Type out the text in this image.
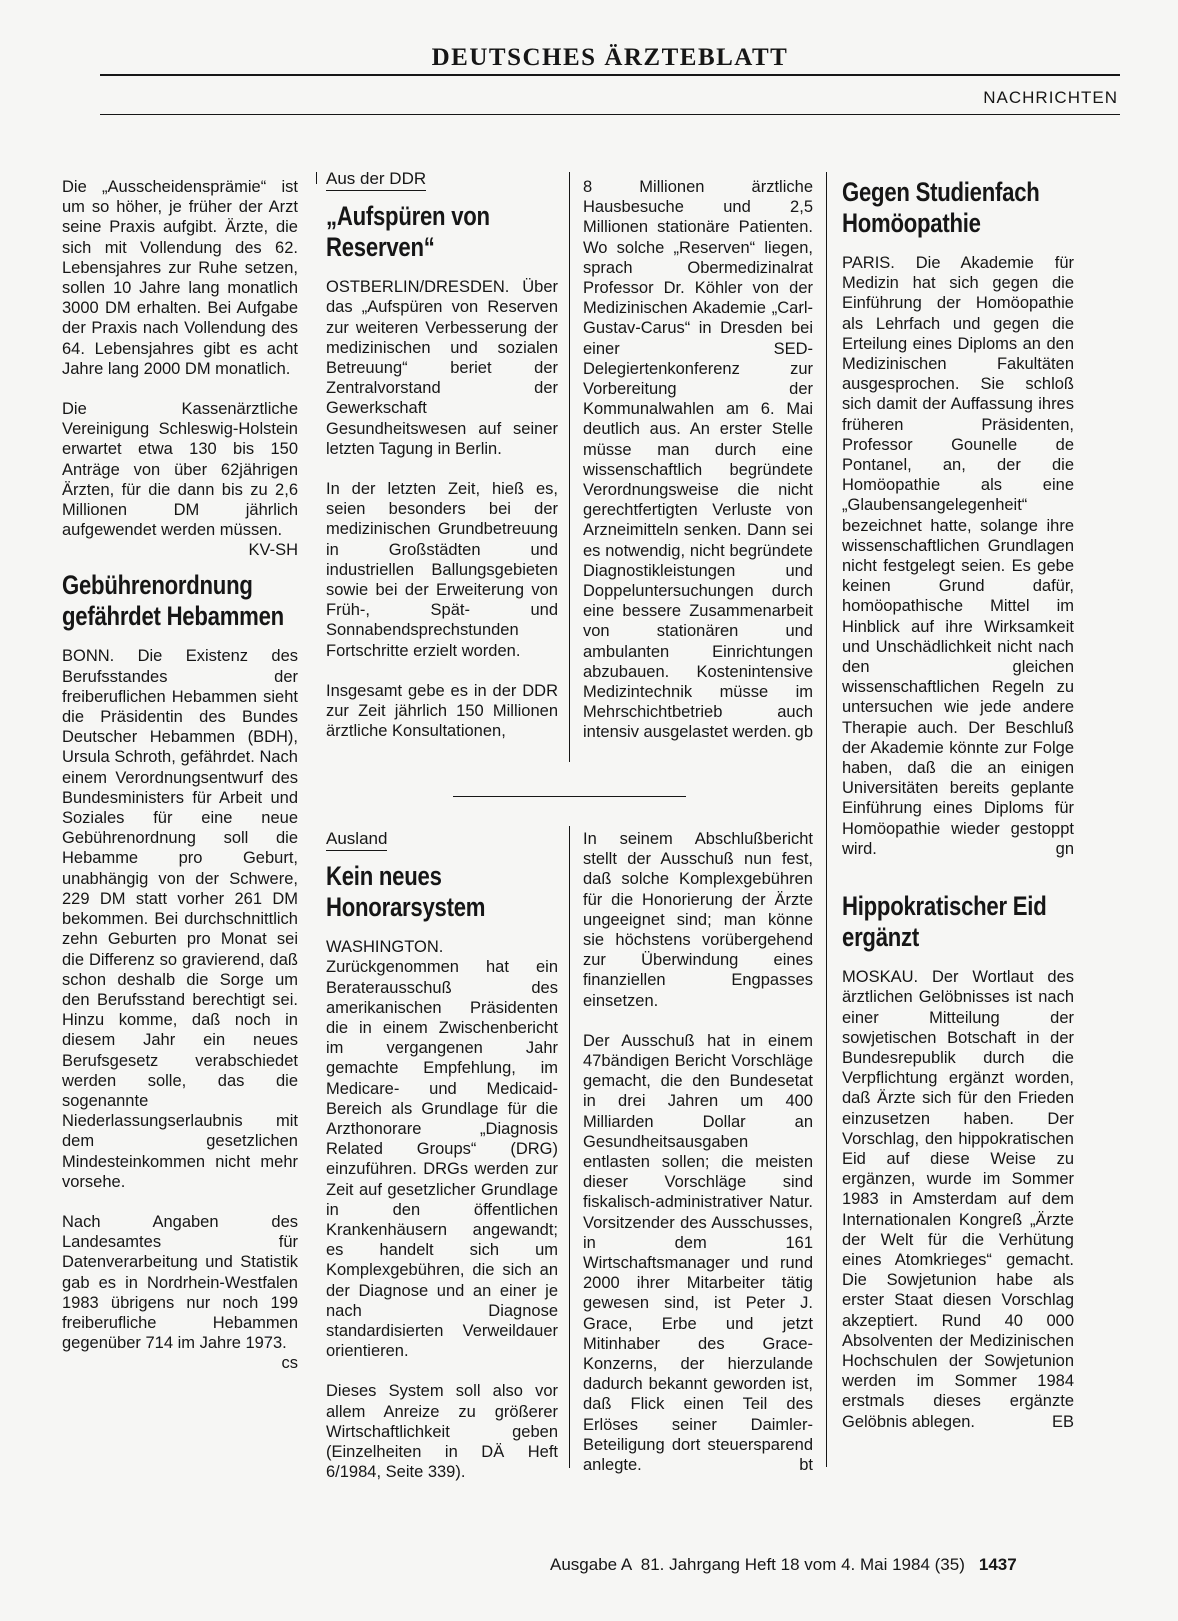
DEUTSCHES ÄRZTEBLATT
NACHRICHTEN

Die „Ausscheidensprämie“ ist um so höher, je früher der Arzt seine Praxis aufgibt. Ärzte, die sich mit Vollendung des 62. Lebensjahres zur Ruhe setzen, sollen 10 Jahre lang monatlich 3000 DM erhalten. Bei Aufgabe der Praxis nach Vollendung des 64. Lebensjahres gibt es acht Jahre lang 2000 DM monatlich.

Die Kassenärztliche Vereinigung Schleswig-Holstein erwartet etwa 130 bis 150 Anträge von über 62jährigen Ärzten, für die dann bis zu 2,6 Millionen DM jährlich aufgewendet werden müssen.
KV-SH

Gebührenordnung gefährdet Hebammen

BONN. Die Existenz des Berufsstandes der freiberuflichen Hebammen sieht die Präsidentin des Bundes Deutscher Hebammen (BDH), Ursula Schroth, gefährdet. Nach einem Verordnungsentwurf des Bundesministers für Arbeit und Soziales für eine neue Gebührenordnung soll die Hebamme pro Geburt, unabhängig von der Schwere, 229 DM statt vorher 261 DM bekommen. Bei durchschnittlich zehn Geburten pro Monat sei die Differenz so gravierend, daß schon deshalb die Sorge um den Berufsstand berechtigt sei. Hinzu komme, daß noch in diesem Jahr ein neues Berufsgesetz verabschiedet werden solle, das die sogenannte Niederlassungserlaubnis mit dem gesetzlichen Mindesteinkommen nicht mehr vorsehe.

Nach Angaben des Landesamtes für Datenverarbeitung und Statistik gab es in Nordrhein-Westfalen 1983 übrigens nur noch 199 freiberufliche Hebammen gegenüber 714 im Jahre 1973.
cs

Aus der DDR
„Aufspüren von Reserven“

OSTBERLIN/DRESDEN. Über das „Aufspüren von Reserven zur weiteren Verbesserung der medizinischen und sozialen Betreuung“ beriet der Zentralvorstand der Gewerkschaft Gesundheitswesen auf seiner letzten Tagung in Berlin.

In der letzten Zeit, hieß es, seien besonders bei der medizinischen Grundbetreuung in Großstädten und industriellen Ballungsgebieten sowie bei der Erweiterung von Früh-, Spät- und Sonnabendsprechstunden Fortschritte erzielt worden.

Insgesamt gebe es in der DDR zur Zeit jährlich 150 Millionen ärztliche Konsultationen,

8 Millionen ärztliche Hausbesuche und 2,5 Millionen stationäre Patienten. Wo solche „Reserven“ liegen, sprach Obermedizinalrat Professor Dr. Köhler von der Medizinischen Akademie „Carl-Gustav-Carus“ in Dresden bei einer SED-Delegiertenkonferenz zur Vorbereitung der Kommunalwahlen am 6. Mai deutlich aus. An erster Stelle müsse man durch eine wissenschaftlich begründete Verordnungsweise die nicht gerechtfertigten Verluste von Arzneimitteln senken. Dann sei es notwendig, nicht begründete Diagnostikleistungen und Doppeluntersuchungen durch eine bessere Zusammenarbeit von stationären und ambulanten Einrichtungen abzubauen. Kostenintensive Medizintechnik müsse im Mehrschichtbetrieb auch intensiv ausgelastet werden. gb

Ausland
Kein neues Honorarsystem

WASHINGTON. Zurückgenommen hat ein Beraterausschuß des amerikanischen Präsidenten die in einem Zwischenbericht im vergangenen Jahr gemachte Empfehlung, im Medicare- und Medicaid-Bereich als Grundlage für die Arzthonorare „Diagnosis Related Groups“ (DRG) einzuführen. DRGs werden zur Zeit auf gesetzlicher Grundlage in den öffentlichen Krankenhäusern angewandt; es handelt sich um Komplexgebühren, die sich an der Diagnose und an einer je nach Diagnose standardisierten Verweildauer orientieren.

Dieses System soll also vor allem Anreize zu größerer Wirtschaftlichkeit geben (Einzelheiten in DÄ Heft 6/1984, Seite 339).

In seinem Abschlußbericht stellt der Ausschuß nun fest, daß solche Komplexgebühren für die Honorierung der Ärzte ungeeignet sind; man könne sie höchstens vorübergehend zur Überwindung eines finanziellen Engpasses einsetzen.

Der Ausschuß hat in einem 47bändigen Bericht Vorschläge gemacht, die den Bundesetat in drei Jahren um 400 Milliarden Dollar an Gesundheitsausgaben entlasten sollen; die meisten dieser Vorschläge sind fiskalisch-administrativer Natur. Vorsitzender des Ausschusses, in dem 161 Wirtschaftsmanager und rund 2000 ihrer Mitarbeiter tätig gewesen sind, ist Peter J. Grace, Erbe und jetzt Mitinhaber des Grace-Konzerns, der hierzulande dadurch bekannt geworden ist, daß Flick einen Teil des Erlöses seiner Daimler-Beteiligung dort steuersparend anlegte.	bt

Gegen Studienfach Homöopathie

PARIS. Die Akademie für Medizin hat sich gegen die Einführung der Homöopathie als Lehrfach und gegen die Erteilung eines Diploms an den Medizinischen Fakultäten ausgesprochen. Sie schloß sich damit der Auffassung ihres früheren Präsidenten, Professor Gounelle de Pontanel, an, der die Homöopathie als eine „Glaubensangelegenheit“ bezeichnet hatte, solange ihre wissenschaftlichen Grundlagen nicht festgelegt seien. Es gebe keinen Grund dafür, homöopathische Mittel im Hinblick auf ihre Wirksamkeit und Unschädlichkeit nicht nach den gleichen wissenschaftlichen Regeln zu untersuchen wie jede andere Therapie auch. Der Beschluß der Akademie könnte zur Folge haben, daß die an einigen Universitäten bereits geplante Einführung eines Diploms für Homöopathie wieder gestoppt wird.	gn

Hippokratischer Eid ergänzt

MOSKAU. Der Wortlaut des ärztlichen Gelöbnisses ist nach einer Mitteilung der sowjetischen Botschaft in der Bundesrepublik durch die Verpflichtung ergänzt worden, daß Ärzte sich für den Frieden einzusetzen haben. Der Vorschlag, den hippokratischen Eid auf diese Weise zu ergänzen, wurde im Sommer 1983 in Amsterdam auf dem Internationalen Kongreß „Ärzte der Welt für die Verhütung eines Atomkrieges“ gemacht. Die Sowjetunion habe als erster Staat diesen Vorschlag akzeptiert. Rund 40 000 Absolventen der Medizinischen Hochschulen der Sowjetunion werden im Sommer 1984 erstmals dieses ergänzte Gelöbnis ablegen.	EB

Ausgabe A  81. Jahrgang Heft 18 vom 4. Mai 1984 (35) 1437
